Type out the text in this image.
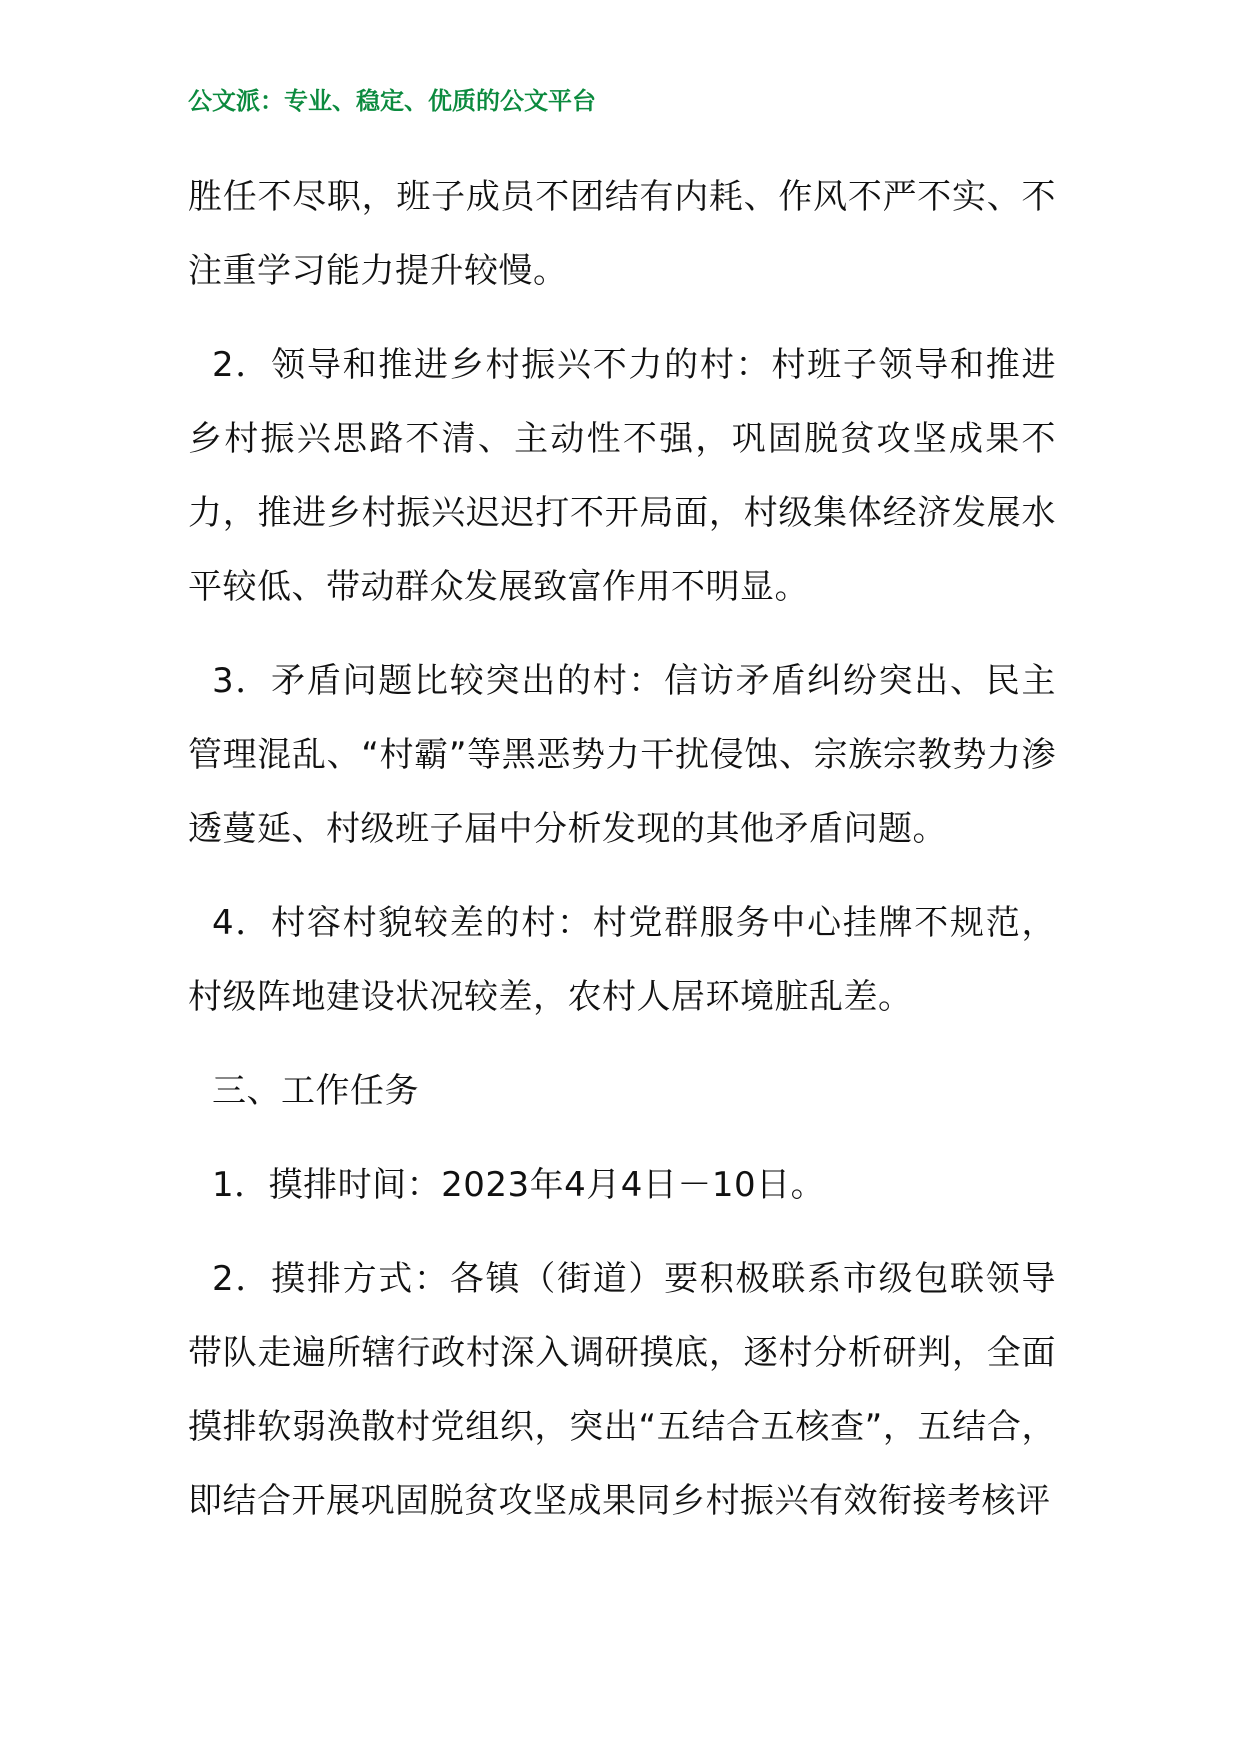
公文派：专业、稳定、优质的公文平台

胜任不尽职，班子成员不团结有内耗、作风不严不实、不注重学习能力提升较慢。

2．领导和推进乡村振兴不力的村：村班子领导和推进乡村振兴思路不清、主动性不强，巩固脱贫攻坚成果不力，推进乡村振兴迟迟打不开局面，村级集体经济发展水平较低、带动群众发展致富作用不明显。

3．矛盾问题比较突出的村：信访矛盾纠纷突出、民主管理混乱、“村霸”等黑恶势力干扰侵蚀、宗族宗教势力渗透蔓延、村级班子届中分析发现的其他矛盾问题。

4．村容村貌较差的村：村党群服务中心挂牌不规范，村级阵地建设状况较差，农村人居环境脏乱差。

三、工作任务

1．摸排时间：2023年4月4日－10日。

2．摸排方式：各镇（街道）要积极联系市级包联领导带队走遍所辖行政村深入调研摸底，逐村分析研判，全面摸排软弱涣散村党组织，突出“五结合五核查”，五结合，即结合开展巩固脱贫攻坚成果同乡村振兴有效衔接考核评
